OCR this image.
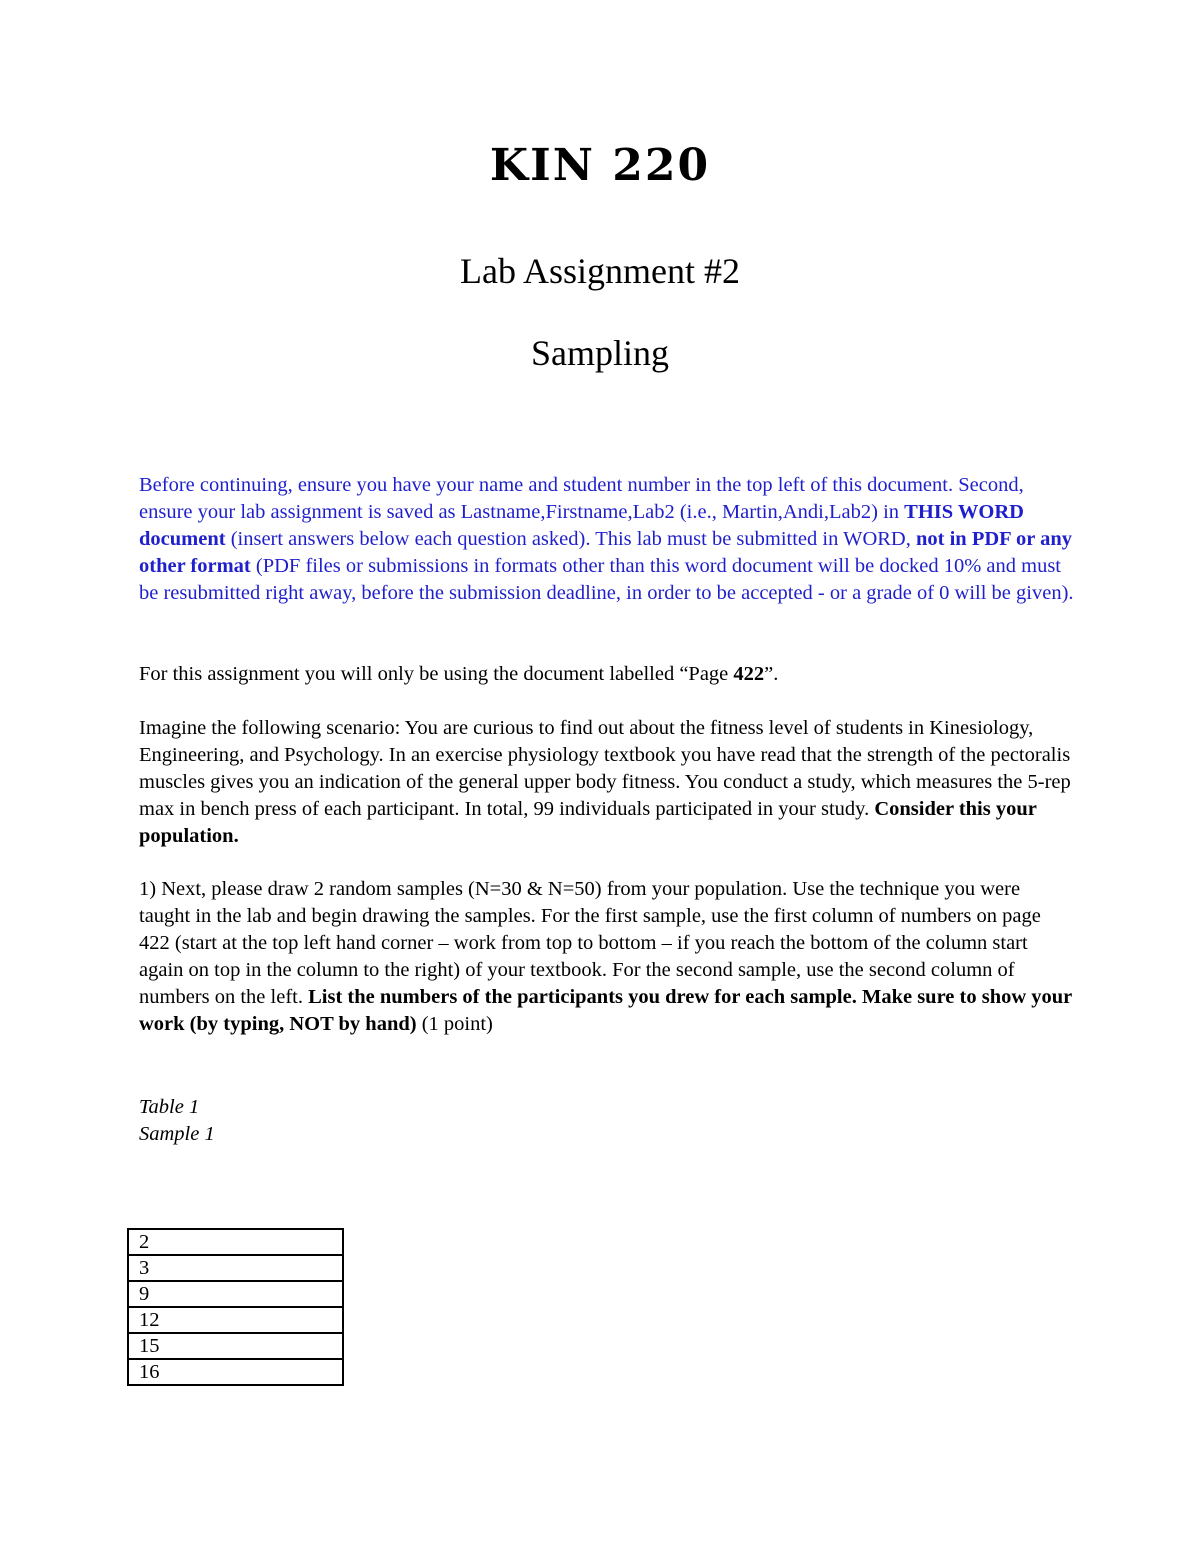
KIN 220
Lab Assignment #2
Sampling

Before continuing, ensure you have your name and student number in the top left of this document. Second, ensure your lab assignment is saved as Lastname,Firstname,Lab2 (i.e., Martin,Andi,Lab2) in THIS WORD document (insert answers below each question asked). This lab must be submitted in WORD, not in PDF or any other format (PDF files or submissions in formats other than this word document will be docked 10% and must be resubmitted right away, before the submission deadline, in order to be accepted - or a grade of 0 will be given).

For this assignment you will only be using the document labelled “Page 422”.

Imagine the following scenario: You are curious to find out about the fitness level of students in Kinesiology, Engineering, and Psychology. In an exercise physiology textbook you have read that the strength of the pectoralis muscles gives you an indication of the general upper body fitness. You conduct a study, which measures the 5-rep max in bench press of each participant. In total, 99 individuals participated in your study. Consider this your population.

1) Next, please draw 2 random samples (N=30 & N=50) from your population. Use the technique you were taught in the lab and begin drawing the samples. For the first sample, use the first column of numbers on page 422 (start at the top left hand corner – work from top to bottom – if you reach the bottom of the column start again on top in the column to the right) of your textbook. For the second sample, use the second column of numbers on the left. List the numbers of the participants you drew for each sample. Make sure to show your work (by typing, NOT by hand) (1 point)

Table 1
Sample 1
2
3
9
12
15
16
